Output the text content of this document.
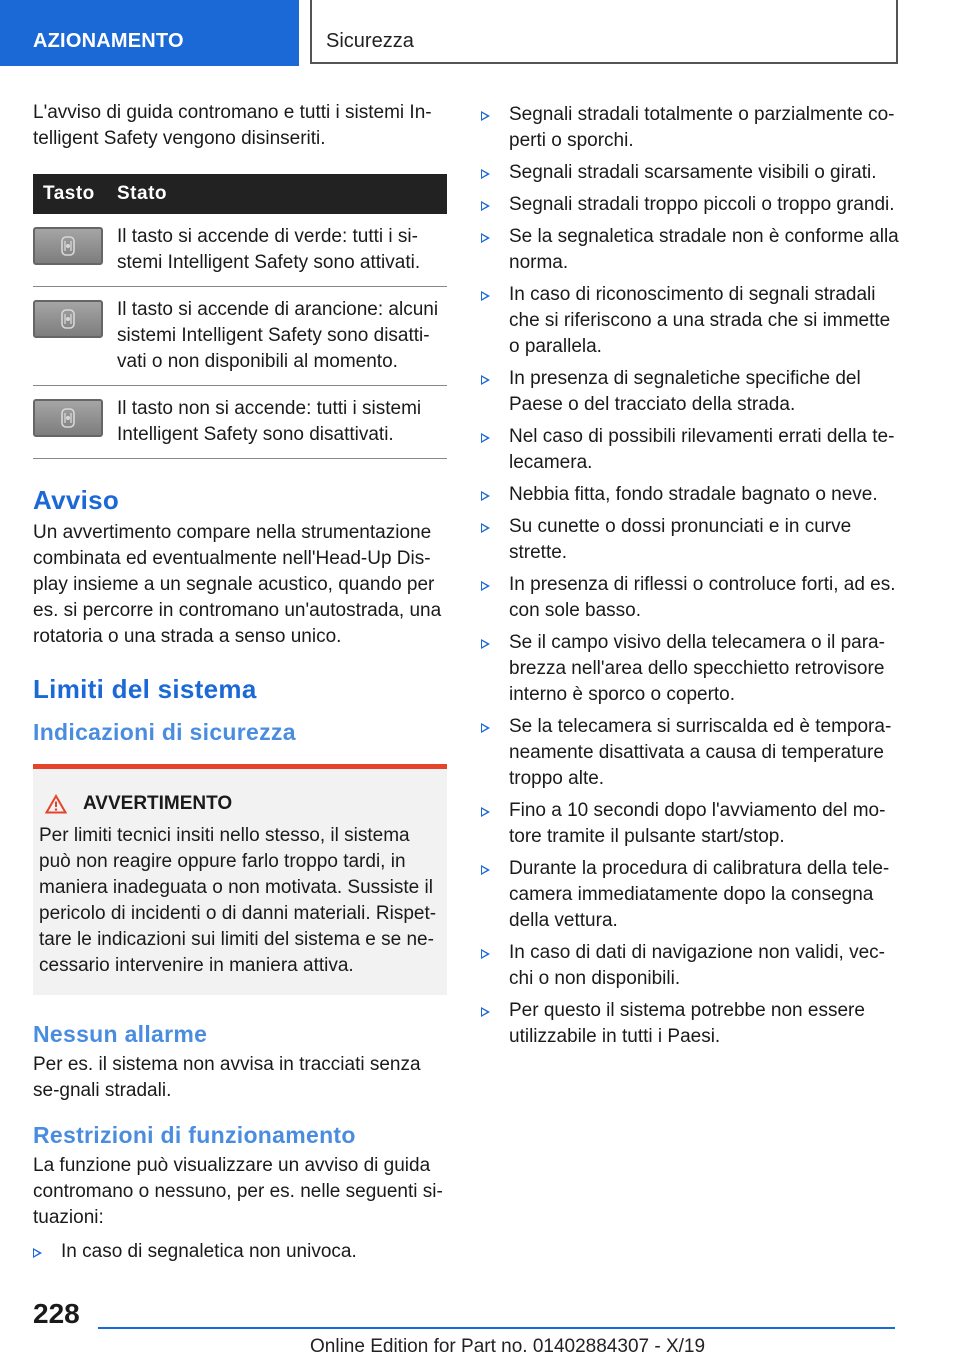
AZIONAMENTO	Sicurezza

L'avviso di guida contromano e tutti i sistemi In-telligent Safety vengono disinseriti.

Tasto	Stato

	Il tasto si accende di verde: tutti i si-stemi Intelligent Safety sono attivati.

	Il tasto si accende di arancione: alcuni sistemi Intelligent Safety sono disatti-vati o non disponibili al momento.

	Il tasto non si accende: tutti i sistemi Intelligent Safety sono disattivati.
Avviso

Un avvertimento compare nella strumentazione combinata ed eventualmente nell'Head-Up Dis-play insieme a un segnale acustico, quando per es. si percorre in contromano un'autostrada, una rotatoria o una strada a senso unico.

Limiti del sistema
Indicazioni di sicurezza
AVVERTIMENTO

Per limiti tecnici insiti nello stesso, il sistema può non reagire oppure farlo troppo tardi, in maniera inadeguata o non motivata. Sussiste il pericolo di incidenti o di danni materiali. Rispet-tare le indicazioni sui limiti del sistema e se ne-cessario intervenire in maniera attiva.

Nessun allarme

Per es. il sistema non avvisa in tracciati senza se-gnali stradali.

Restrizioni di funzionamento

La funzione può visualizzare un avviso di guida contromano o nessuno, per es. nelle seguenti si-tuazioni:

In caso di segnaletica non univoca.
Segnali stradali totalmente o parzialmente co-perti o sporchi.
Segnali stradali scarsamente visibili o girati.
Segnali stradali troppo piccoli o troppo grandi.
Se la segnaletica stradale non è conforme alla norma.
In caso di riconoscimento di segnali stradali che si riferiscono a una strada che si immette o parallela.
In presenza di segnaletiche specifiche del Paese o del tracciato della strada.
Nel caso di possibili rilevamenti errati della te-lecamera.
Nebbia fitta, fondo stradale bagnato o neve.
Su cunette o dossi pronunciati e in curve strette.
In presenza di riflessi o controluce forti, ad es. con sole basso.
Se il campo visivo della telecamera o il para-brezza nell'area dello specchietto retrovisore interno è sporco o coperto.
Se la telecamera si surriscalda ed è tempora-neamente disattivata a causa di temperature troppo alte.
Fino a 10 secondi dopo l'avviamento del mo-tore tramite il pulsante start/stop.
Durante la procedura di calibratura della tele-camera immediatamente dopo la consegna della vettura.
In caso di dati di navigazione non validi, vec-chi o non disponibili.
Per questo il sistema potrebbe non essere utilizzabile in tutti i Paesi.
228
Online Edition for Part no. 01402884307 - X/19
